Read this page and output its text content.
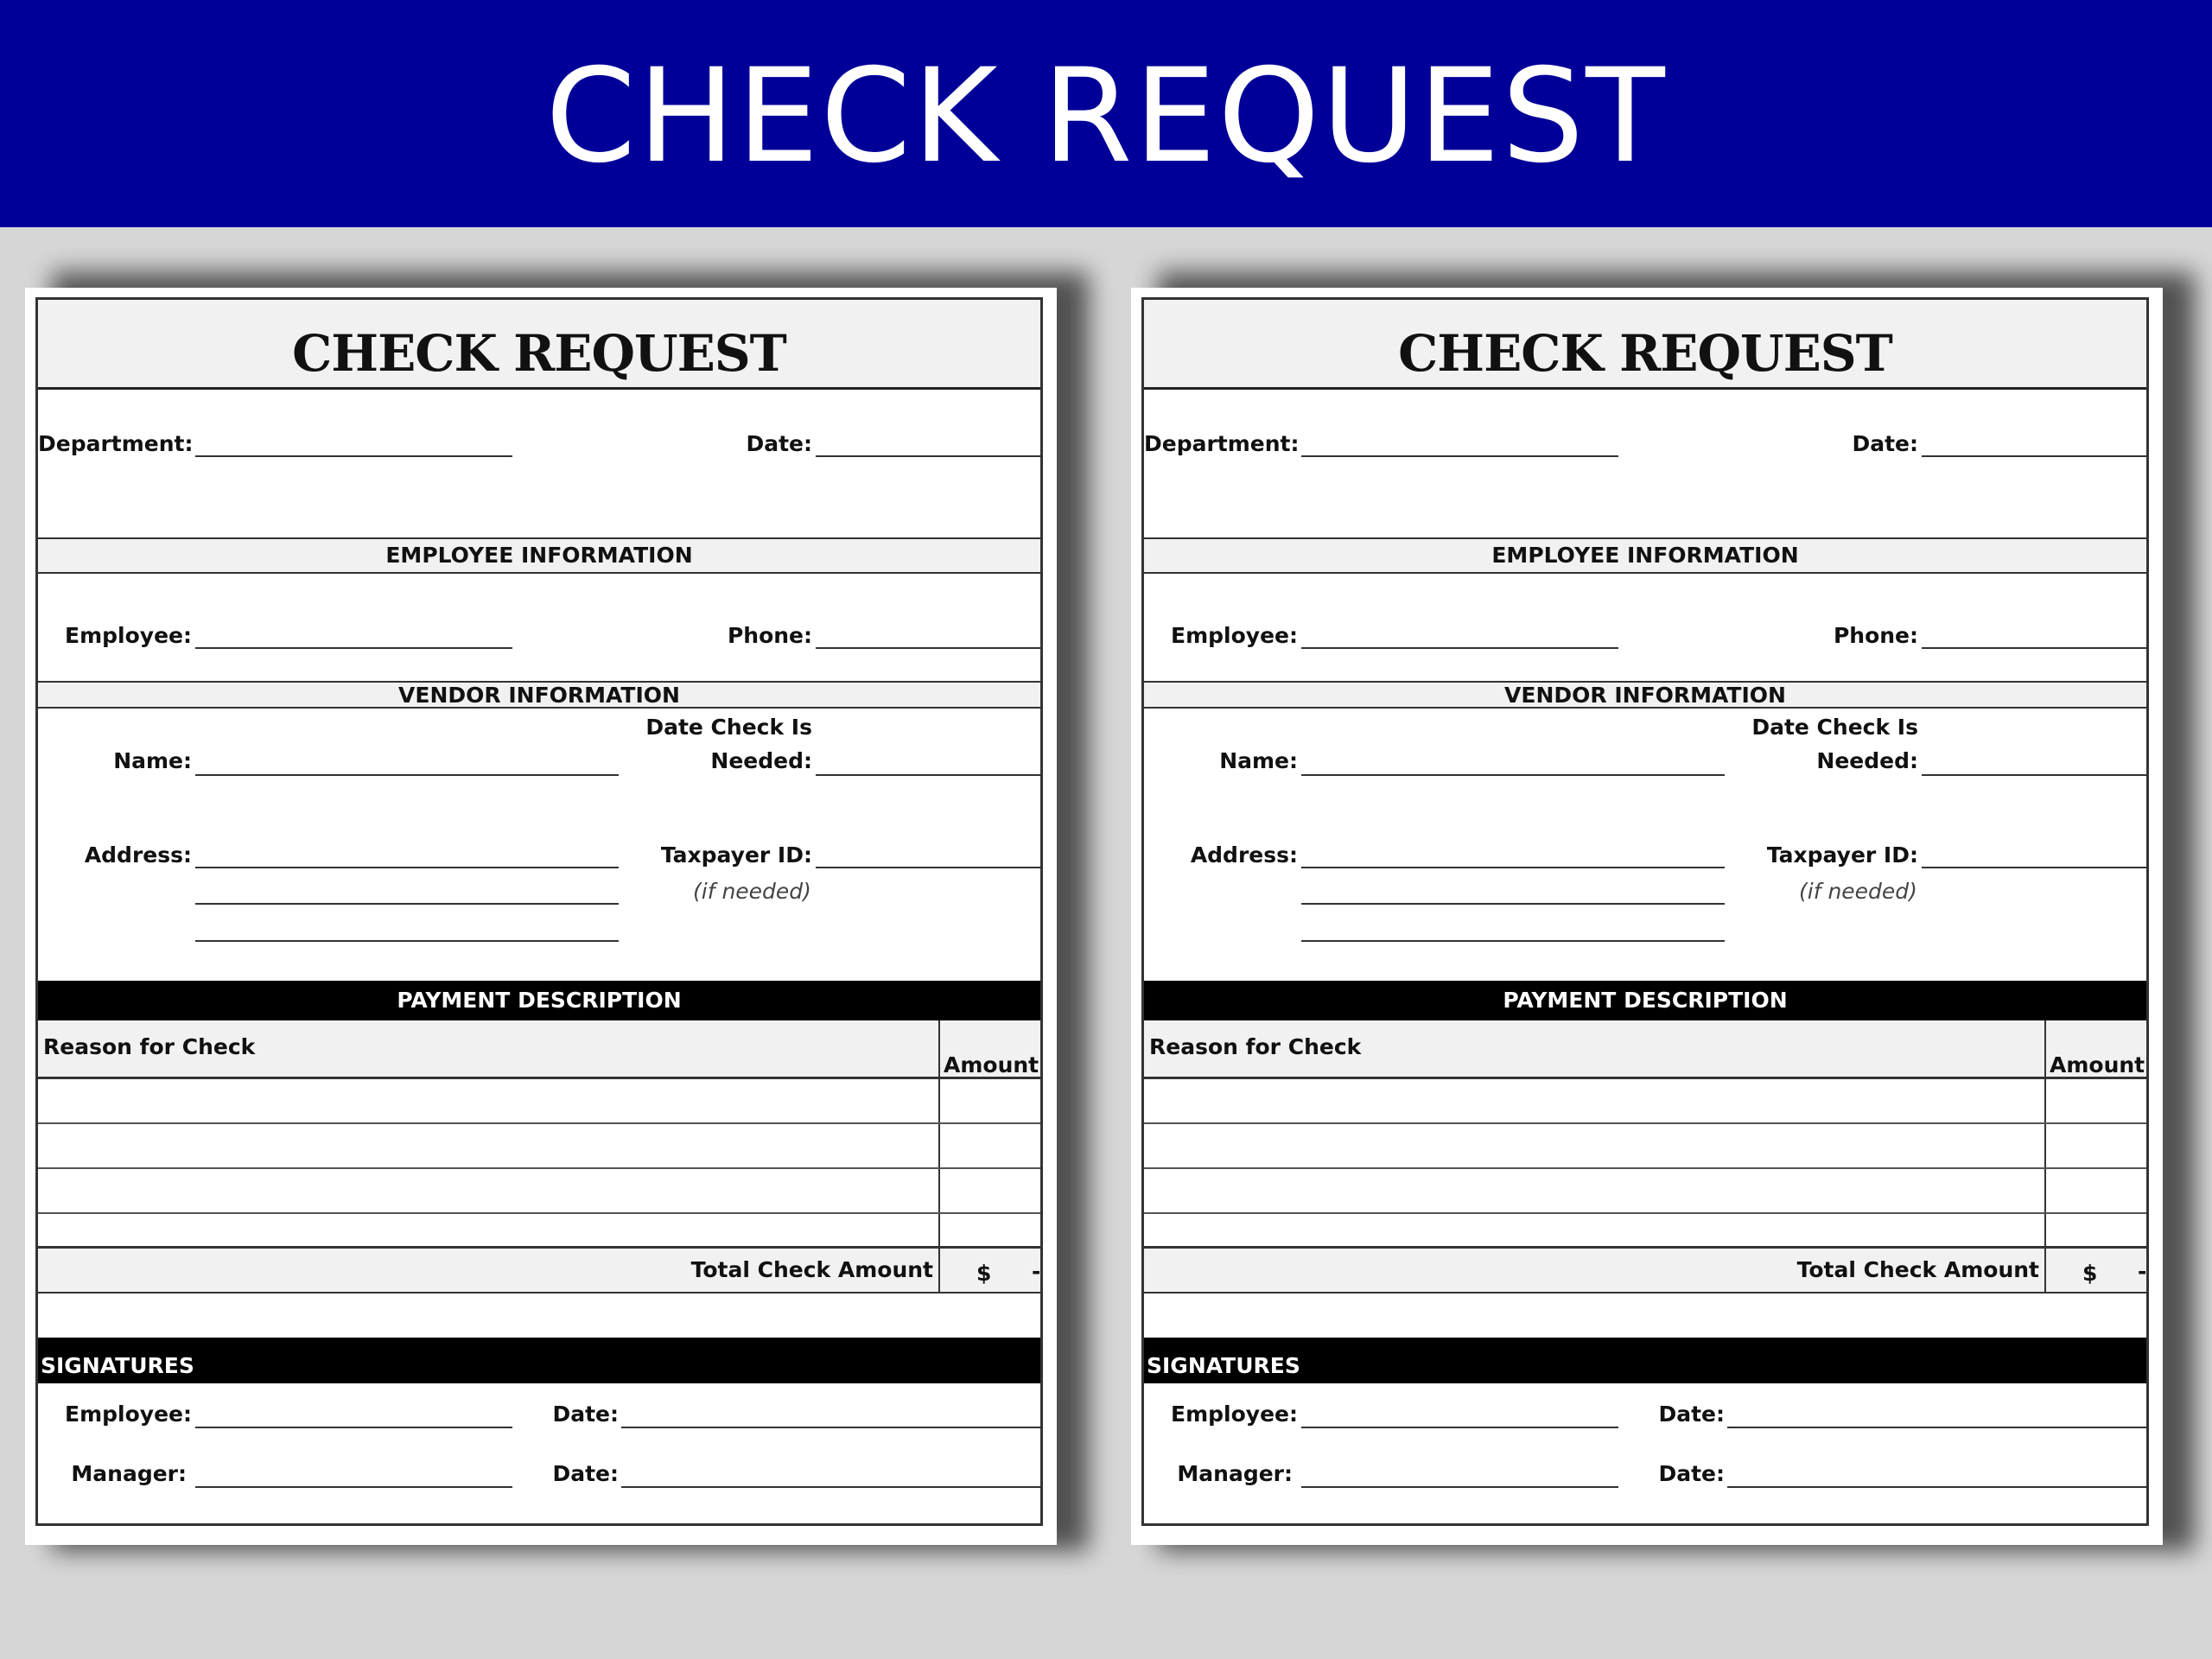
CHECK REQUEST
CHECK REQUEST
Department:	Date:
EMPLOYEE INFORMATION
Employee:	Phone:
VENDOR INFORMATION
Date Check Is
Name:	Needed:
Address:	Taxpayer ID:
(if needed)
PAYMENT DESCRIPTION
Reason for Check
Amount
Total Check Amount $ -
SIGNATURES
Employee:	Date:
Manager:	Date:
CHECK REQUEST
Department:	Date:
EMPLOYEE INFORMATION
Employee:	Phone:
VENDOR INFORMATION
Date Check Is
Name:	Needed:
Address:	Taxpayer ID:
(if needed)
PAYMENT DESCRIPTION
Reason for Check
Amount
Total Check Amount $ -
SIGNATURES
Employee:	Date:
Manager:	Date:
